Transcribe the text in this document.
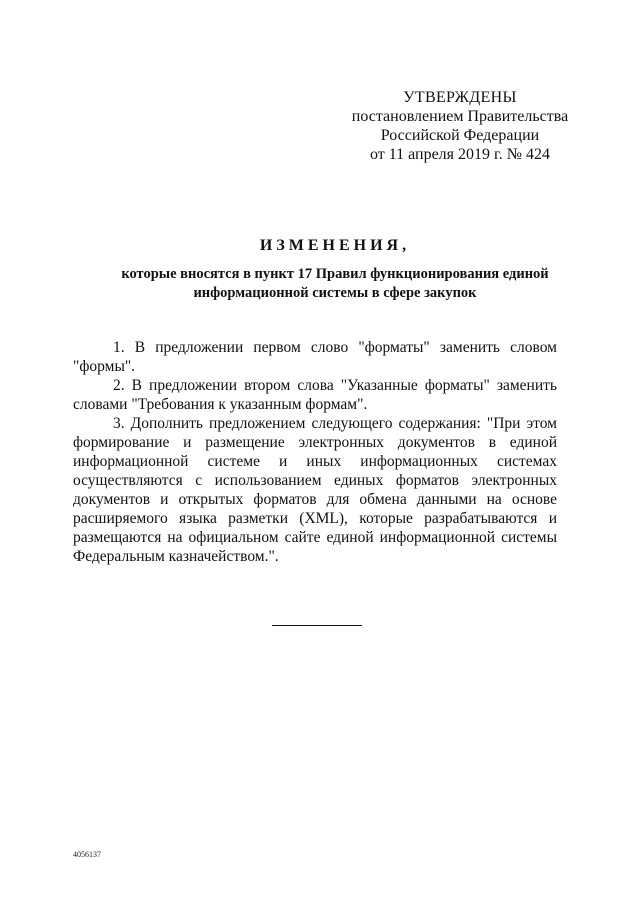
УТВЕРЖДЕНЫ
постановлением Правительства
Российской Федерации
от 11 апреля 2019 г. № 424
ИЗМЕНЕНИЯ,
которые вносятся в пункт 17 Правил функционирования единой
информационной системы в сфере закупок

1. В предложении первом слово "форматы" заменить словом "формы".

2. В предложении втором слова "Указанные форматы" заменить словами "Требования к указанным формам".

3. Дополнить предложением следующего содержания: "При этом формирование и размещение электронных документов в единой информационной системе и иных информационных системах осуществляются с использованием единых форматов электронных документов и открытых форматов для обмена данными на основе расширяемого языка разметки (XML), которые разрабатываются и размещаются на официальном сайте единой информационной системы Федеральным казначейством.".

4056137
